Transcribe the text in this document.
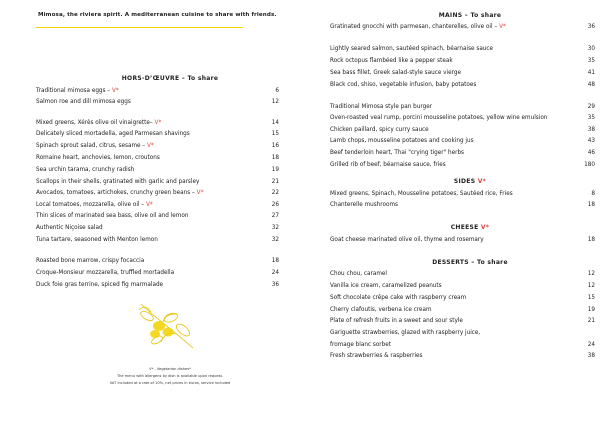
Mimosa, the riviera spirit. A mediterranean cuisine to share with friends.
HORS-D’ŒUVRE – To share
Traditional mimosa eggs – V*	6
Salmon roe and dill mimosa eggs	12
Mixed greens, Xérès olive oil vinaigrette– V*	14
Delicately sliced mortadella, aged Parmesan shavings	15
Spinach sprout salad, citrus, sesame – V*	16
Romaine heart, anchovies, lemon, croutons	18
Sea urchin tarama, crunchy radish	19
Scallops in their shells, gratinated with garlic and parsley	21
Avocados, tomatoes, artichokes, crunchy green beans – V*	22
Local tomatoes, mozzarella, olive oil – V*	26
Thin slices of marinated sea bass, olive oil and lemon	27
Authentic Niçoise salad	32
Tuna tartare, seasoned with Menton lemon	32
Roasted bone marrow, crispy focaccia	18
Croque-Monsieur mozzarella, truffled mortadella	24
Duck foie gras terrine, spiced fig marmalade	36
V* - Vegetarian dishes*
The menu with allergens by dish is available upon request.
VAT included at a rate of 10%, net prices in euros, service included
MAINS – To share
Gratinated gnocchi with parmesan, chanterelles, olive oil – V*	36
Lightly seared salmon, sautéed spinach, béarnaise sauce	30
Rock octopus flambéed like a pepper steak	35
Sea bass fillet, Greek salad-style sauce vierge	41
Black cod, shiso, vegetable infusion, baby potatoes	48
Traditional Mimosa style pan burger	29
Oven-roasted veal rump, porcini mousseline potatoes, yellow wine emulsion	35
Chicken paillard, spicy curry sauce	38
Lamb chops, mousseline potatoes and cooking jus	43
Beef tenderloin heart, Thai "crying tiger" herbs	46
Grilled rib of beef, béarnaise sauce, fries	180
SIDES V*
Mixed greens, Spinach, Mousseline potatoes, Sautéed rice, Fries	8
Chanterelle mushrooms	18
CHEESE V*
Goat cheese marinated olive oil, thyme and rosemary	18
DESSERTS – To share
Chou chou, caramel	12
Vanilla ice cream, caramelized peanuts	12
Soft chocolate crêpe cake with raspberry cream	15
Cherry clafoutis, verbena ice cream	19
Plate of refresh fruits in a sweet and sour style	21
Gariguette strawberries, glazed with raspberry juice,
fromage blanc sorbet	24
Fresh strawberries & raspberries	38
